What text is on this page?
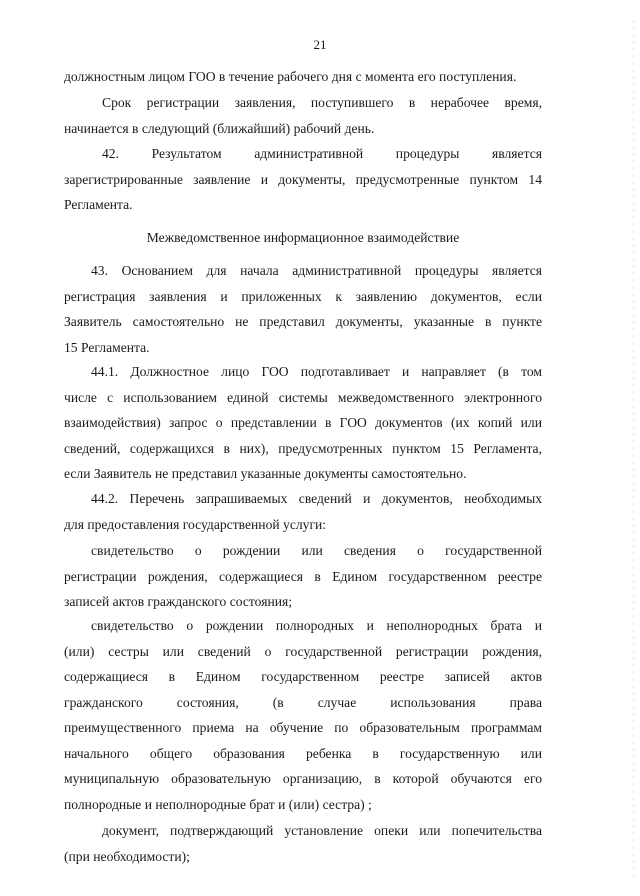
21
должностным лицом ГОО в течение рабочего дня с момента его поступления.
Срок регистрации заявления, поступившего в нерабочее время,
начинается в следующий (ближайший) рабочий день.
42. Результатом административной процедуры является
зарегистрированные заявление и документы, предусмотренные пунктом 14
Регламента.
Межведомственное информационное взаимодействие
43. Основанием для начала административной процедуры является
регистрация заявления и приложенных к заявлению документов, если
Заявитель самостоятельно не представил документы, указанные в пункте
15 Регламента.
44.1. Должностное лицо ГОО подготавливает и направляет (в том
числе с использованием единой системы межведомственного электронного
взаимодействия) запрос о представлении в ГОО документов (их копий или
сведений, содержащихся в них), предусмотренных пунктом 15 Регламента,
если Заявитель не представил указанные документы самостоятельно.
44.2. Перечень запрашиваемых сведений и документов, необходимых
для предоставления государственной услуги:
свидетельство о рождении или сведения о государственной
регистрации рождения, содержащиеся в Едином государственном реестре
записей актов гражданского состояния;
свидетельство о рождении полнородных и неполнородных брата и
(или) сестры или сведений о государственной регистрации рождения,
содержащиеся в Едином государственном реестре записей актов
гражданского состояния, (в случае использования права
преимущественного приема на обучение по образовательным программам
начального общего образования ребенка в государственную или
муниципальную образовательную организацию, в которой обучаются его
полнородные и неполнородные брат и (или) сестра) ;
документ, подтверждающий установление опеки или попечительства
(при необходимости);
